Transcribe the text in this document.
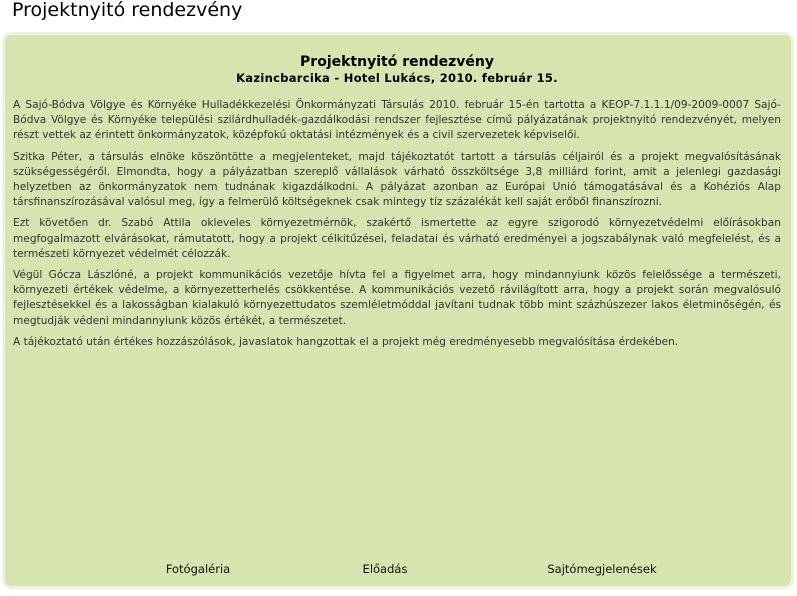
Projektnyitó rendezvény
Projektnyitó rendezvény

Kazincbarcika - Hotel Lukács, 2010. február 15.

A Sajó-Bódva Völgye és Környéke Hulladékkezelési Önkormányzati Társulás 2010. február 15-én tartotta a KEOP-7.1.1.1/09-2009-0007 Sajó-Bódva Völgye és Környéke települési szilárdhulladék-gazdálkodási rendszer fejlesztése című pályázatának projektnyitó rendezvényét, melyen részt vettek az érintett önkormányzatok, középfokú oktatási intézmények és a civil szervezetek képviselői.

Szitka Péter, a társulás elnöke köszöntötte a megjelenteket, majd tájékoztatót tartott a társulás céljairól és a projekt megvalósításának szükségességéről. Elmondta, hogy a pályázatban szereplő vállalások várható összköltsége 3,8 milliárd forint, amit a jelenlegi gazdasági helyzetben az önkormányzatok nem tudnának kigazdálkodni. A pályázat azonban az Európai Unió támogatásával és a Kohéziós Alap társfinanszírozásával valósul meg, így a felmerülő költségeknek csak mintegy tíz százalékát kell saját erőből finanszírozni.

Ezt követően dr. Szabó Attila okleveles környezetmérnök, szakértő ismertette az egyre szigorodó környezetvédelmi előírásokban megfogalmazott elvárásokat, rámutatott, hogy a projekt célkitűzései, feladatai és várható eredményei a jogszabálynak való megfelelést, és a természeti környezet védelmét célozzák.

Végül Gócza Lászlóné, a projekt kommunikációs vezetője hívta fel a figyelmet arra, hogy mindannyiunk közös felelőssége a természeti, környezeti értékek védelme, a környezetterhelés csökkentése. A kommunikációs vezető rávilágított arra, hogy a projekt során megvalósuló fejlesztésekkel és a lakosságban kialakuló környezettudatos szemléletmóddal javítani tudnak több mint százhúszezer lakos életminőségén, és megtudják védeni mindannyiunk közös értékét, a természetet.

A tájékoztató után értékes hozzászólások, javaslatok hangzottak el a projekt még eredményesebb megvalósítása érdekében.

Fotógaléria	Előadás	Sajtómegjelenések
